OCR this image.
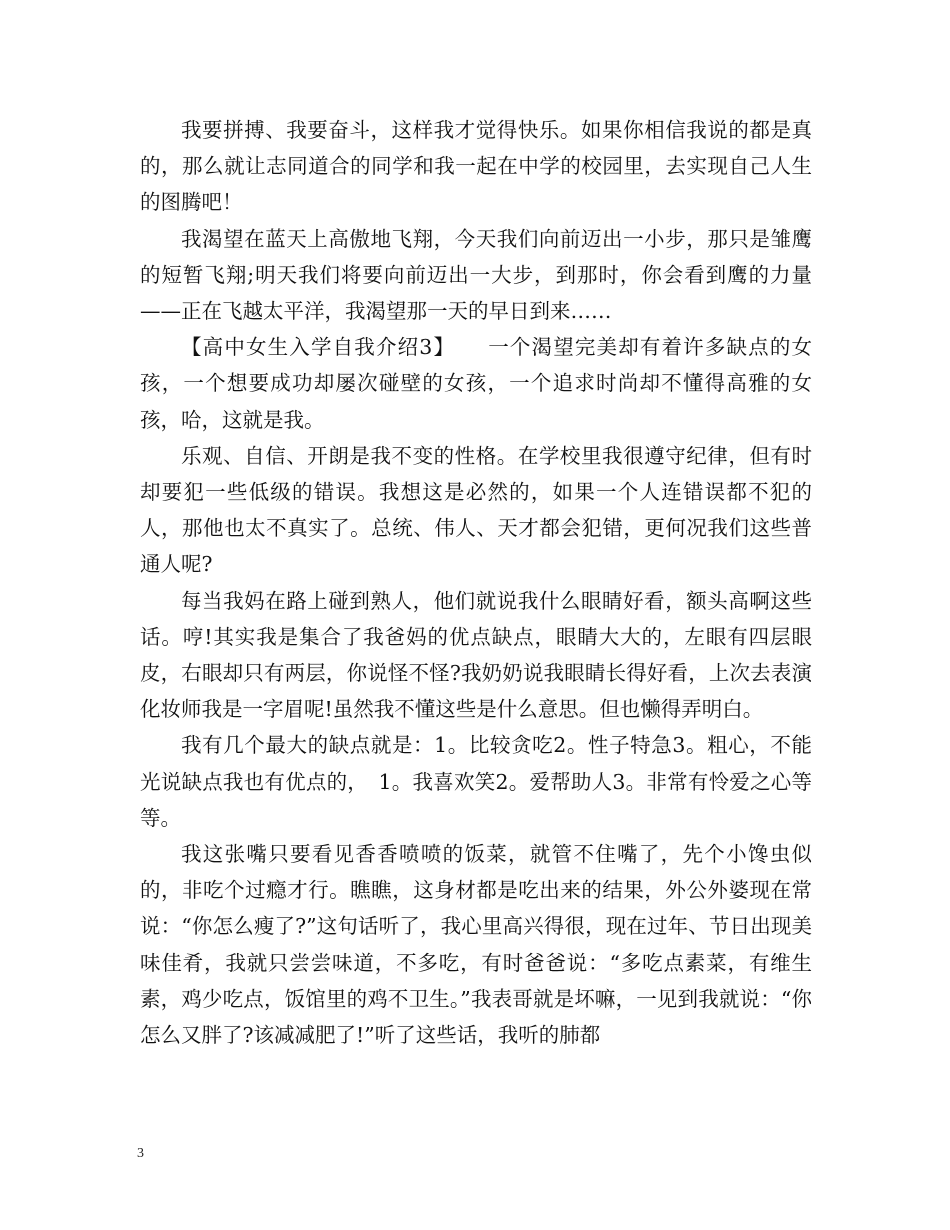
我要拼搏、我要奋斗，这样我才觉得快乐。如果你相信我说的都是真的，那么就让志同道合的同学和我一起在中学的校园里，去实现自己人生的图腾吧！

我渴望在蓝天上高傲地飞翔，今天我们向前迈出一小步，那只是雏鹰的短暂飞翔;明天我们将要向前迈出一大步，到那时，你会看到鹰的力量——正在飞越太平洋，我渴望那一天的早日到来……

【高中女生入学自我介绍3】　　一个渴望完美却有着许多缺点的女孩，一个想要成功却屡次碰壁的女孩，一个追求时尚却不懂得高雅的女孩，哈，这就是我。

乐观、自信、开朗是我不变的性格。在学校里我很遵守纪律，但有时却要犯一些低级的错误。我想这是必然的，如果一个人连错误都不犯的人，那他也太不真实了。总统、伟人、天才都会犯错，更何况我们这些普通人呢?

每当我妈在路上碰到熟人，他们就说我什么眼睛好看，额头高啊这些话。哼!其实我是集合了我爸妈的优点缺点，眼睛大大的，左眼有四层眼皮，右眼却只有两层，你说怪不怪?我奶奶说我眼睛长得好看，上次去表演化妆师我是一字眉呢!虽然我不懂这些是什么意思。但也懒得弄明白。

我有几个最大的缺点就是：1。比较贪吃2。性子特急3。粗心，不能光说缺点我也有优点的，　1。我喜欢笑2。爱帮助人3。非常有怜爱之心等等。

我这张嘴只要看见香香喷喷的饭菜，就管不住嘴了，先个小馋虫似的，非吃个过瘾才行。瞧瞧，这身材都是吃出来的结果，外公外婆现在常说：“你怎么瘦了?”这句话听了，我心里高兴得很，现在过年、节日出现美味佳肴，我就只尝尝味道，不多吃，有时爸爸说：“多吃点素菜，有维生素，鸡少吃点，饭馆里的鸡不卫生。”我表哥就是坏嘛，一见到我就说：“你怎么又胖了?该减减肥了!”听了这些话，我听的肺都

3
